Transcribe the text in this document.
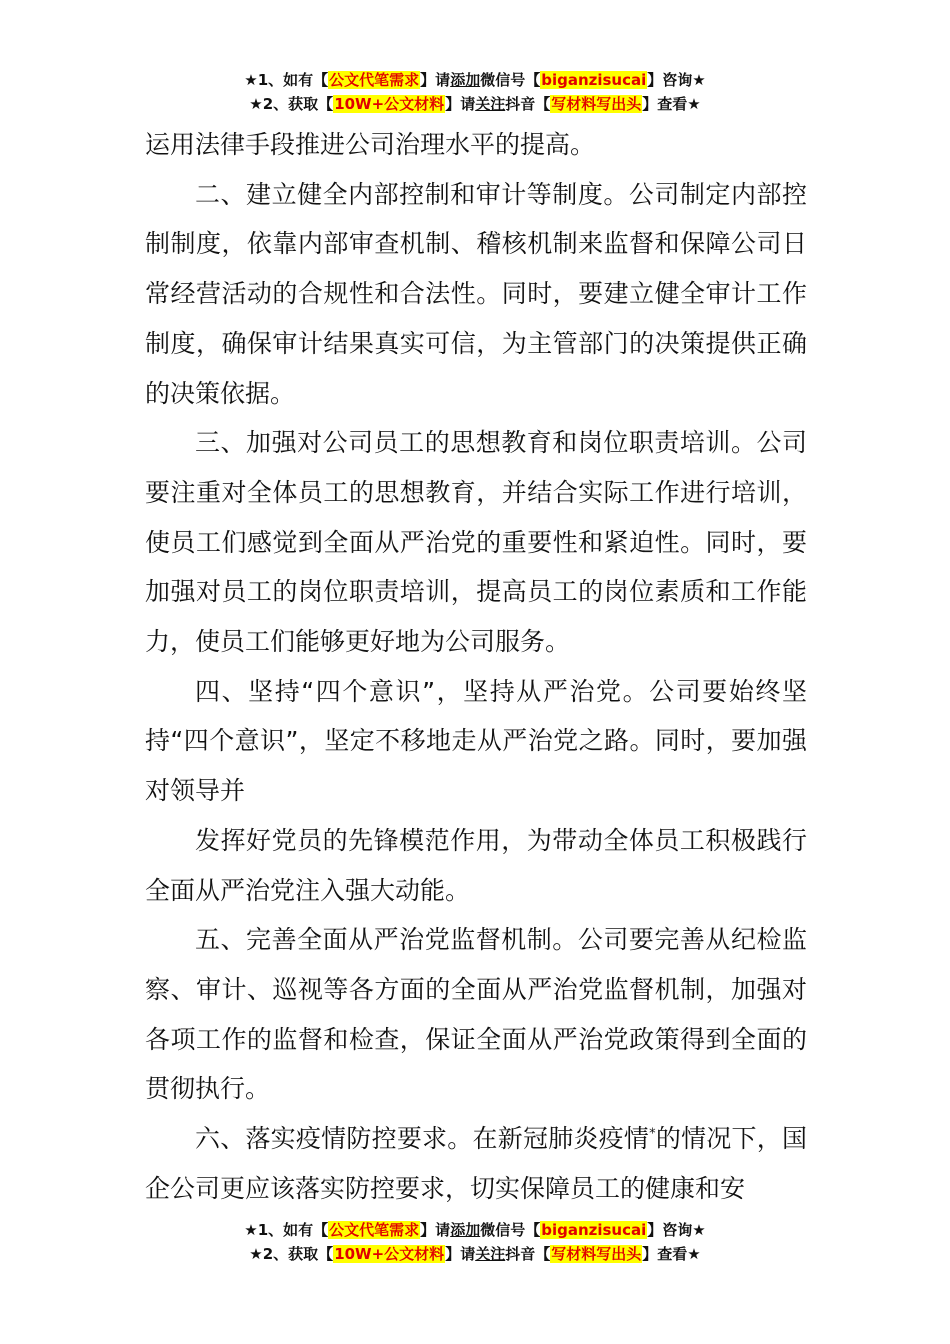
★1、如有【公文代笔需求】请添加微信号【biganzisucai】咨询★
★2、获取【10W+公文材料】请关注抖音【写材料写出头】查看★

运用法律手段推进公司治理水平的提高。

二、建立健全内部控制和审计等制度。公司制定内部控制制度，依靠内部审查机制、稽核机制来监督和保障公司日常经营活动的合规性和合法性。同时，要建立健全审计工作制度，确保审计结果真实可信，为主管部门的决策提供正确的决策依据。

三、加强对公司员工的思想教育和岗位职责培训。公司要注重对全体员工的思想教育，并结合实际工作进行培训，使员工们感觉到全面从严治党的重要性和紧迫性。同时，要加强对员工的岗位职责培训，提高员工的岗位素质和工作能力，使员工们能够更好地为公司服务。

四、坚持“四个意识”，坚持从严治党。公司要始终坚持“四个意识”，坚定不移地走从严治党之路。同时，要加强对领导并

发挥好党员的先锋模范作用，为带动全体员工积极践行全面从严治党注入强大动能。

五、完善全面从严治党监督机制。公司要完善从纪检监察、审计、巡视等各方面的全面从严治党监督机制，加强对各项工作的监督和检查，保证全面从严治党政策得到全面的贯彻执行。

六、落实疫情防控要求。在新冠肺炎疫情*的情况下，国企公司更应该落实防控要求，切实保障员工的健康和安

★1、如有【公文代笔需求】请添加微信号【biganzisucai】咨询★
★2、获取【10W+公文材料】请关注抖音【写材料写出头】查看★
